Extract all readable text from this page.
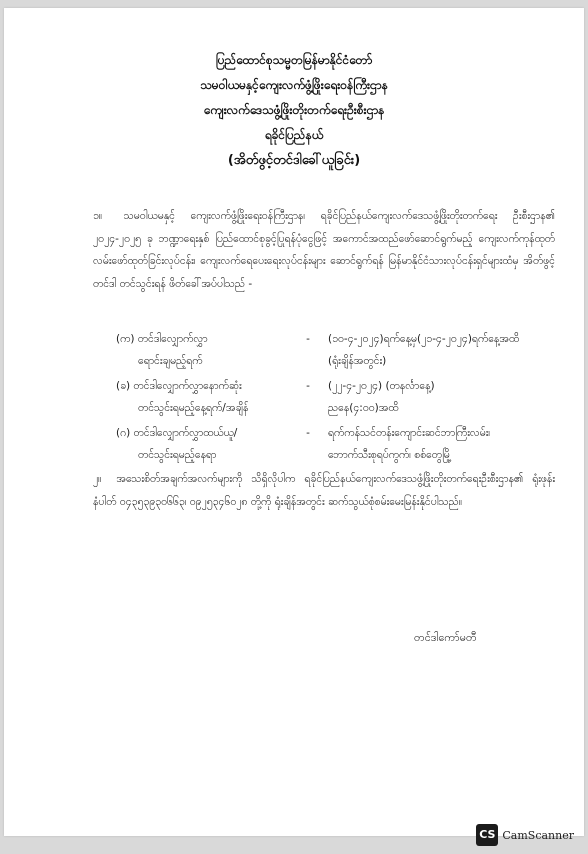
ပြည်ထောင်စုသမ္မတမြန်မာနိုင်ငံတော်
သမဝါယမနှင့်ကျေးလက်ဖွံ့ဖြိုးရေးဝန်ကြီးဌာန
ကျေးလက်ဒေသဖွံ့ဖြိုးတိုးတက်ရေးဦးစီးဌာန
ရခိုင်ပြည်နယ်
(အိတ်ဖွင့်တင်ဒါခေါ်ယူခြင်း)
၁။ သမဝါယမနှင့် ကျေးလက်ဖွံ့ဖြိုးရေးဝန်ကြီးဌာန၊ ရခိုင်ပြည်နယ်ကျေးလက်ဒေသဖွံ့ဖြိုးတိုးတက်ရေး ဦးစီးဌာန၏ ၂၀၂၄-၂၀၂၅ ခု ဘဏ္ဍာရေးနှစ် ပြည်ထောင်စုခွင့်ပြုရန်ပုံငွေဖြင့် အကောင်အထည်ဖော်ဆောင်ရွက်မည့် ကျေးလက်ကုန်ထုတ်လမ်းဖော်ထုတ်ခြင်းလုပ်ငန်း၊ ကျေးလက်ရေပေးရေးလုပ်ငန်းများ ဆောင်ရွက်ရန် မြန်မာနိုင်ငံသားလုပ်ငန်းရှင်များထံမှ အိတ်ဖွင့်တင်ဒါ တင်သွင်းရန် ဖိတ်ခေါ်အပ်ပါသည် -
(က) တင်ဒါလျှောက်လွှာ
ရောင်းချမည့်ရက်
-	(၁၀-၄-၂၀၂၄)ရက်နေ့မှ(၂၁-၄-၂၀၂၄)ရက်နေ့အထိ
(ရုံးချိန်အတွင်း)
(ခ) တင်ဒါလျှောက်လွှာနောက်ဆုံး
တင်သွင်းရမည့်နေ့ရက်/အချိန်
-	(၂၂-၄-၂၀၂၄) (တနင်္လာနေ့)
ညနေ(၄:၀၀)အထိ
(ဂ) တင်ဒါလျှောက်လွှာထယ်ယူ/
တင်သွင်းရမည့်နေရာ
-	ရက်ကန်သင်တန်းကျောင်းဆင်ဘာကြီးလမ်း၊
ဘောက်သီးစုရပ်ကွက်၊ စစ်တွေမြို့
၂။ အသေးစိတ်အချက်အလက်များကို သိရှိလိုပါက ရခိုင်ပြည်နယ်ကျေးလက်ဒေသဖွံ့ဖြိုးတိုးတက်ရေးဦးစီးဌာန၏ ရုံးဖုန်းနံပါတ် ၀၄၃၅၃၉၃၀၆၆၃၊ ၀၉၂၅၃၄၆၀၂၈ တို့ကို ရုံးချိန်အတွင်း ဆက်သွယ်စုံစမ်းမေးမြန်းနိုင်ပါသည်။
တင်ဒါကော်မတီ
CS CamScanner
